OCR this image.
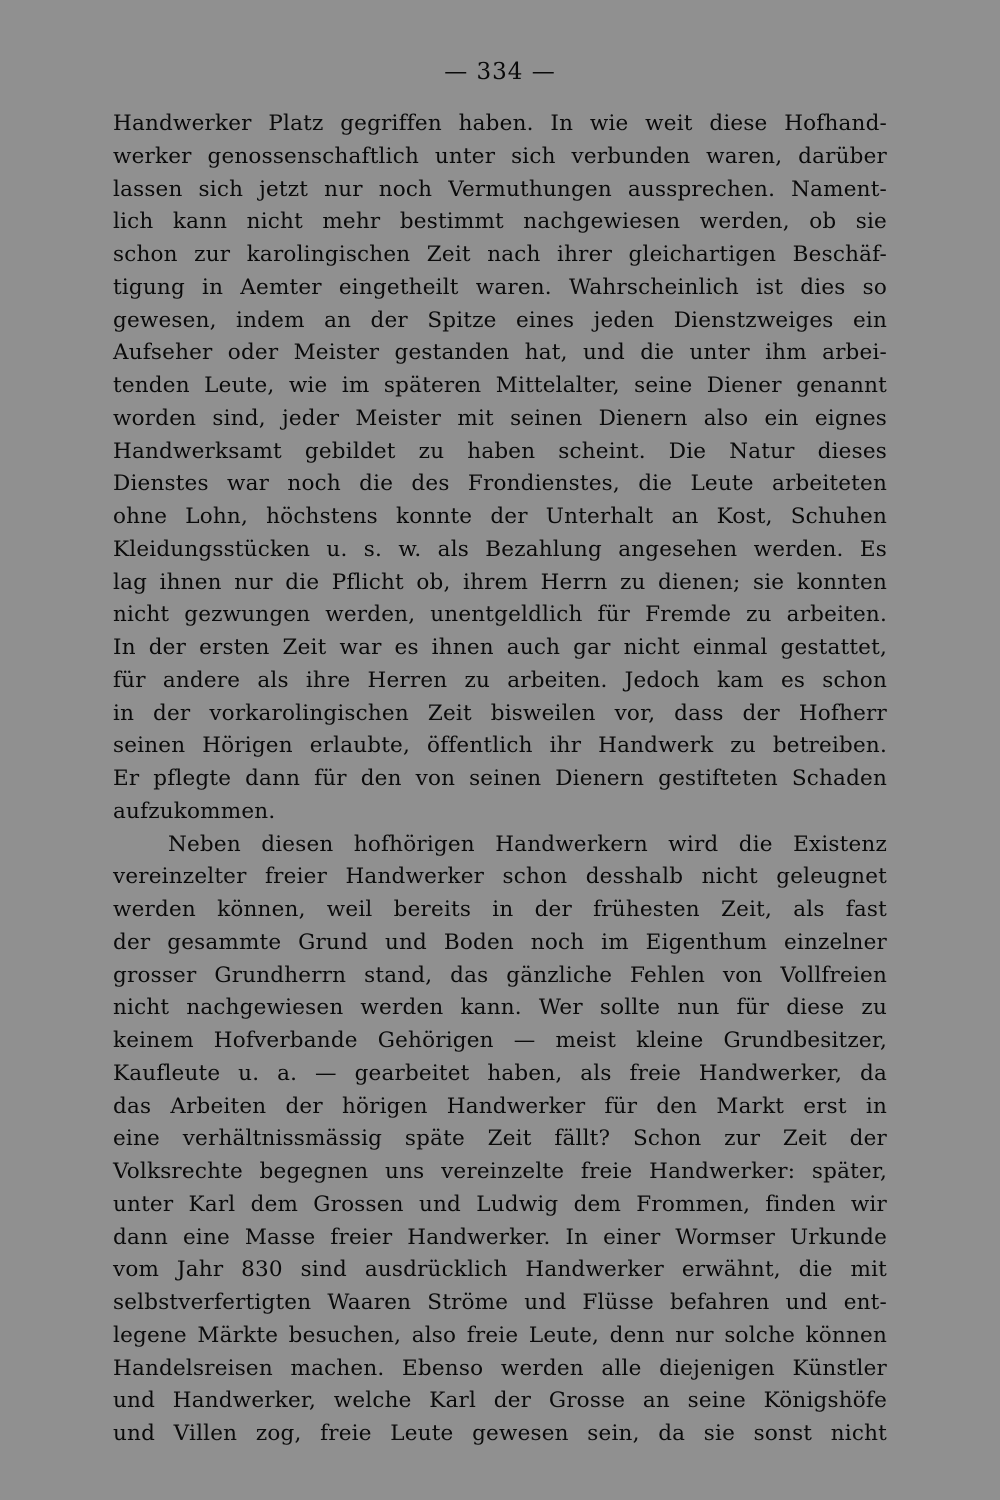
— 334 —
Handwerker Platz gegriffen haben. In wie weit diese Hofhand-
werker genossenschaftlich unter sich verbunden waren, darüber
lassen sich jetzt nur noch Vermuthungen aussprechen. Nament-
lich kann nicht mehr bestimmt nachgewiesen werden, ob sie
schon zur karolingischen Zeit nach ihrer gleichartigen Beschäf-
tigung in Aemter eingetheilt waren. Wahrscheinlich ist dies so
gewesen, indem an der Spitze eines jeden Dienstzweiges ein
Aufseher oder Meister gestanden hat, und die unter ihm arbei-
tenden Leute, wie im späteren Mittelalter, seine Diener genannt
worden sind, jeder Meister mit seinen Dienern also ein eignes
Handwerksamt gebildet zu haben scheint. Die Natur dieses
Dienstes war noch die des Frondienstes, die Leute arbeiteten
ohne Lohn, höchstens konnte der Unterhalt an Kost, Schuhen
Kleidungsstücken u. s. w. als Bezahlung angesehen werden. Es
lag ihnen nur die Pflicht ob, ihrem Herrn zu dienen; sie konnten
nicht gezwungen werden, unentgeldlich für Fremde zu arbeiten.
In der ersten Zeit war es ihnen auch gar nicht einmal gestattet,
für andere als ihre Herren zu arbeiten. Jedoch kam es schon
in der vorkarolingischen Zeit bisweilen vor, dass der Hofherr
seinen Hörigen erlaubte, öffentlich ihr Handwerk zu betreiben.
Er pflegte dann für den von seinen Dienern gestifteten Schaden
aufzukommen.
Neben diesen hofhörigen Handwerkern wird die Existenz
vereinzelter freier Handwerker schon desshalb nicht geleugnet
werden können, weil bereits in der frühesten Zeit, als fast
der gesammte Grund und Boden noch im Eigenthum einzelner
grosser Grundherrn stand, das gänzliche Fehlen von Vollfreien
nicht nachgewiesen werden kann. Wer sollte nun für diese zu
keinem Hofverbande Gehörigen — meist kleine Grundbesitzer,
Kaufleute u. a. — gearbeitet haben, als freie Handwerker, da
das Arbeiten der hörigen Handwerker für den Markt erst in
eine verhältnissmässig späte Zeit fällt? Schon zur Zeit der
Volksrechte begegnen uns vereinzelte freie Handwerker: später,
unter Karl dem Grossen und Ludwig dem Frommen, finden wir
dann eine Masse freier Handwerker. In einer Wormser Urkunde
vom Jahr 830 sind ausdrücklich Handwerker erwähnt, die mit
selbstverfertigten Waaren Ströme und Flüsse befahren und ent-
legene Märkte besuchen, also freie Leute, denn nur solche können
Handelsreisen machen. Ebenso werden alle diejenigen Künstler
und Handwerker, welche Karl der Grosse an seine Königshöfe
und Villen zog, freie Leute gewesen sein, da sie sonst nicht
